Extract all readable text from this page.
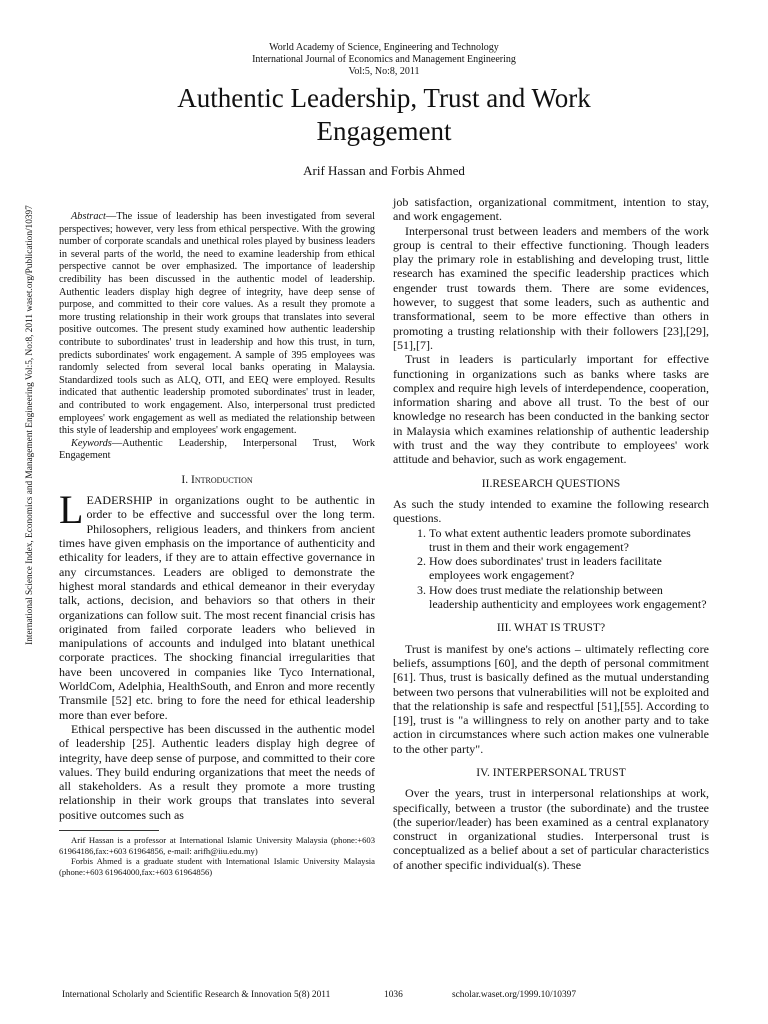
World Academy of Science, Engineering and Technology
International Journal of Economics and Management Engineering
Vol:5, No:8, 2011
Authentic Leadership, Trust and Work Engagement
Arif Hassan and Forbis Ahmed
International Science Index, Economics and Management Engineering Vol:5, No:8, 2011 waset.org/Publication/10397	Abstract—The issue of leadership has been investigated from several perspectives; however, very less from ethical perspective. With the growing number of corporate scandals and unethical roles played by business leaders in several parts of the world, the need to examine leadership from ethical perspective cannot be over emphasized. The importance of leadership credibility has been discussed in the authentic model of leadership. Authentic leaders display high degree of integrity, have deep sense of purpose, and committed to their core values. As a result they promote a more trusting relationship in their work groups that translates into several positive outcomes. The present study examined how authentic leadership contribute to subordinates' trust in leadership and how this trust, in turn, predicts subordinates' work engagement. A sample of 395 employees was randomly selected from several local banks operating in Malaysia. Standardized tools such as ALQ, OTI, and EEQ were employed. Results indicated that authentic leadership promoted subordinates' trust in leader, and contributed to work engagement. Also, interpersonal trust predicted employees' work engagement as well as mediated the relationship between this style of leadership and employees' work engagement.

Keywords—Authentic Leadership, Interpersonal Trust, Work Engagement

I. Introduction

LEADERSHIP in organizations ought to be authentic in order to be effective and successful over the long term. Philosophers, religious leaders, and thinkers from ancient times have given emphasis on the importance of authenticity and ethicality for leaders, if they are to attain effective governance in any circumstances. Leaders are obliged to demonstrate the highest moral standards and ethical demeanor in their everyday talk, actions, decision, and behaviors so that others in their organizations can follow suit. The most recent financial crisis has originated from failed corporate leaders who believed in manipulations of accounts and indulged into blatant unethical corporate practices. The shocking financial irregularities that have been uncovered in companies like Tyco International, WorldCom, Adelphia, HealthSouth, and Enron and more recently Transmile [52] etc. bring to fore the need for ethical leadership more than ever before.

Ethical perspective has been discussed in the authentic model of leadership [25]. Authentic leaders display high degree of integrity, have deep sense of purpose, and committed to their core values. They build enduring organizations that meet the needs of all stakeholders. As a result they promote a more trusting relationship in their work groups that translates into several positive outcomes such as

Arif Hassan is a professor at International Islamic University Malaysia (phone:+603 61964186,fax:+603 61964856, e-mail: arifh@iiu.edu.my)

Forbis Ahmed is a graduate student with International Islamic University Malaysia (phone:+603 61964000,fax:+603 61964856)

job satisfaction, organizational commitment, intention to stay, and work engagement.

Interpersonal trust between leaders and members of the work group is central to their effective functioning. Though leaders play the primary role in establishing and developing trust, little research has examined the specific leadership practices which engender trust towards them. There are some evidences, however, to suggest that some leaders, such as authentic and transformational, seem to be more effective than others in promoting a trusting relationship with their followers [23],[29],[51],[7].

Trust in leaders is particularly important for effective functioning in organizations such as banks where tasks are complex and require high levels of interdependence, cooperation, information sharing and above all trust. To the best of our knowledge no research has been conducted in the banking sector in Malaysia which examines relationship of authentic leadership with trust and the way they contribute to employees' work attitude and behavior, such as work engagement.

II.RESEARCH QUESTIONS

As such the study intended to examine the following research questions.

1. To what extent authentic leaders promote subordinates trust in them and their work engagement?
2. How does subordinates' trust in leaders facilitate employees work engagement?
3. How does trust mediate the relationship between leadership authenticity and employees work engagement?
III. WHAT IS TRUST?

Trust is manifest by one's actions – ultimately reflecting core beliefs, assumptions [60], and the depth of personal commitment [61]. Thus, trust is basically defined as the mutual understanding between two persons that vulnerabilities will not be exploited and that the relationship is safe and respectful [51],[55]. According to [19], trust is "a willingness to rely on another party and to take action in circumstances where such action makes one vulnerable to the other party".

IV. INTERPERSONAL TRUST

Over the years, trust in interpersonal relationships at work, specifically, between a trustor (the subordinate) and the trustee (the superior/leader) has been examined as a central explanatory construct in organizational studies. Interpersonal trust is conceptualized as a belief about a set of particular characteristics of another specific individual(s). These

International Scholarly and Scientific Research & Innovation 5(8) 2011	1036	scholar.waset.org/1999.10/10397
